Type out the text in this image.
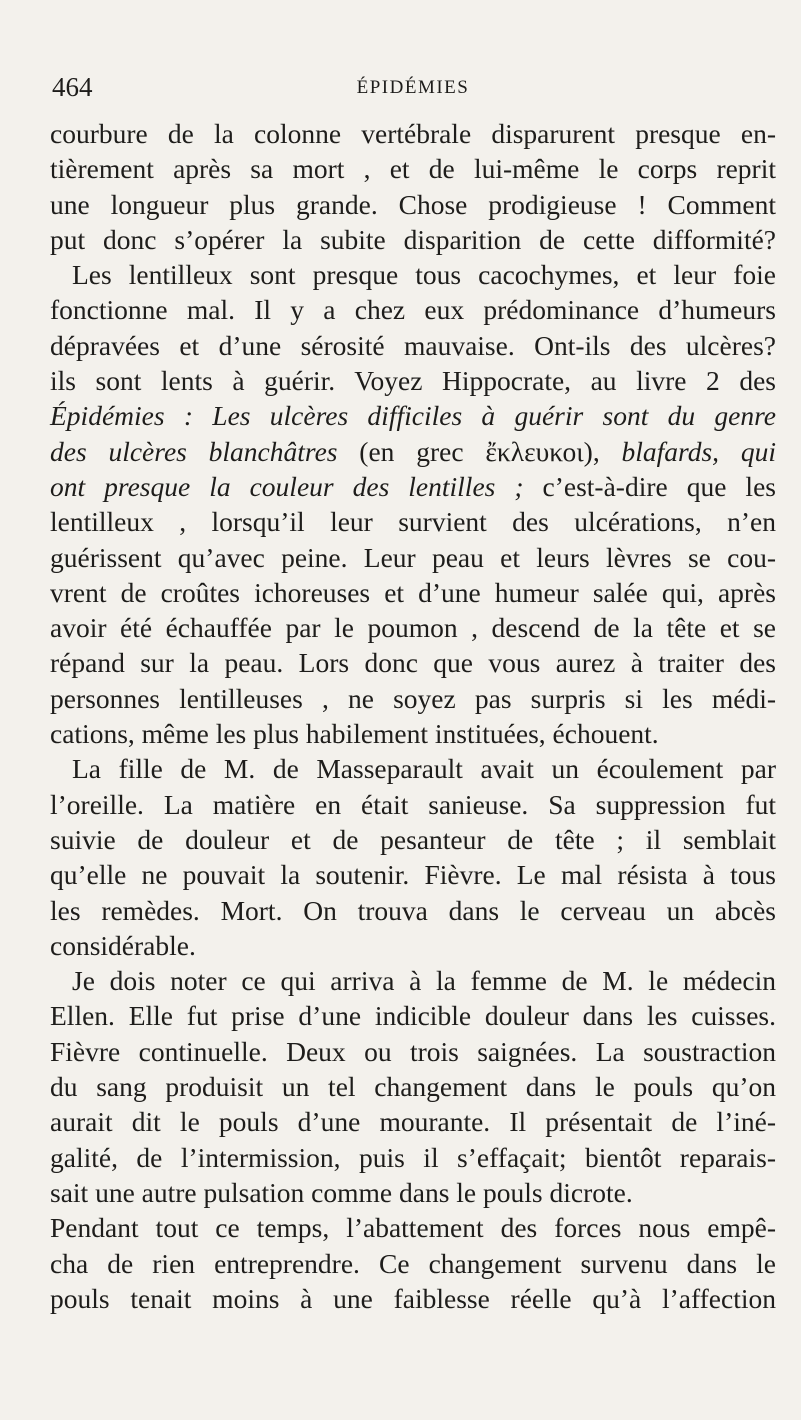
464	ÉPIDÉMIES
courbure de la colonne vertébrale disparurent presque en-
tièrement après sa mort , et de lui-même le corps reprit
une longueur plus grande. Chose prodigieuse ! Comment
put donc s’opérer la subite disparition de cette difformité?
Les lentilleux sont presque tous cacochymes, et leur foie
fonctionne mal. Il y a chez eux prédominance d’humeurs
dépravées et d’une sérosité mauvaise. Ont-ils des ulcères?
ils sont lents à guérir. Voyez Hippocrate, au livre 2 des
Épidémies : Les ulcères difficiles à guérir sont du genre
des ulcères blanchâtres (en grec ἔκλευκοι), blafards, qui
ont presque la couleur des lentilles ; c’est-à-dire que les
lentilleux , lorsqu’il leur survient des ulcérations, n’en
guérissent qu’avec peine. Leur peau et leurs lèvres se cou-
vrent de croûtes ichoreuses et d’une humeur salée qui, après
avoir été échauffée par le poumon , descend de la tête et se
répand sur la peau. Lors donc que vous aurez à traiter des
personnes lentilleuses , ne soyez pas surpris si les médi-
cations, même les plus habilement instituées, échouent.
La fille de M. de Masseparault avait un écoulement par
l’oreille. La matière en était sanieuse. Sa suppression fut
suivie de douleur et de pesanteur de tête ; il semblait
qu’elle ne pouvait la soutenir. Fièvre. Le mal résista à tous
les remèdes. Mort. On trouva dans le cerveau un abcès
considérable.
Je dois noter ce qui arriva à la femme de M. le médecin
Ellen. Elle fut prise d’une indicible douleur dans les cuisses.
Fièvre continuelle. Deux ou trois saignées. La soustraction
du sang produisit un tel changement dans le pouls qu’on
aurait dit le pouls d’une mourante. Il présentait de l’iné-
galité, de l’intermission, puis il s’effaçait; bientôt reparais-
sait une autre pulsation comme dans le pouls dicrote.
Pendant tout ce temps, l’abattement des forces nous empê-
cha de rien entreprendre. Ce changement survenu dans le
pouls tenait moins à une faiblesse réelle qu’à l’affection
